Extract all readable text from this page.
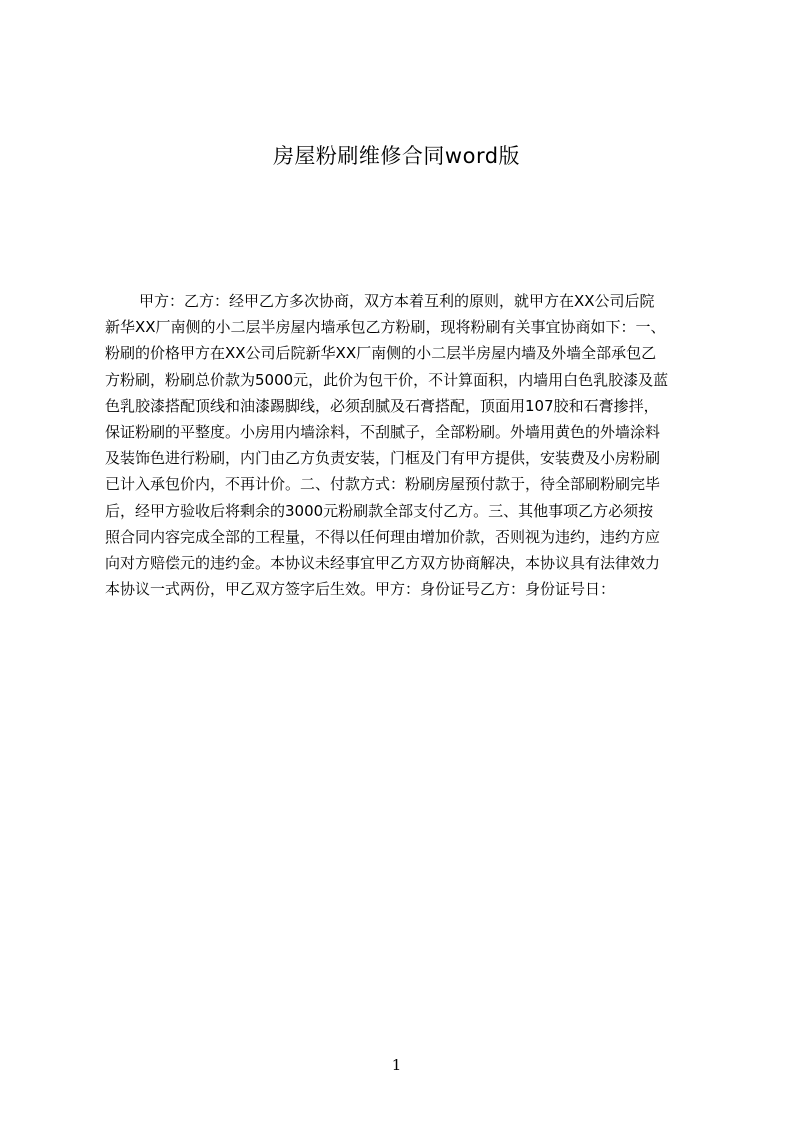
房屋粉刷维修合同word版
甲方：乙方：经甲乙方多次协商，双方本着互利的原则，就甲方在XX公司后院
新华XX厂南侧的小二层半房屋内墙承包乙方粉刷，现将粉刷有关事宜协商如下：一、
粉刷的价格甲方在XX公司后院新华XX厂南侧的小二层半房屋内墙及外墙全部承包乙
方粉刷，粉刷总价款为5000元，此价为包干价，不计算面积，内墙用白色乳胶漆及蓝
色乳胶漆搭配顶线和油漆踢脚线，必须刮腻及石膏搭配，顶面用107胶和石膏掺拌，
保证粉刷的平整度。小房用内墙涂料，不刮腻子，全部粉刷。外墙用黄色的外墙涂料
及装饰色进行粉刷，内门由乙方负责安装，门框及门有甲方提供，安装费及小房粉刷
已计入承包价内，不再计价。二、付款方式：粉刷房屋预付款于，待全部刷粉刷完毕
后，经甲方验收后将剩余的3000元粉刷款全部支付乙方。三、其他事项乙方必须按
照合同内容完成全部的工程量，不得以任何理由增加价款，否则视为违约，违约方应
向对方赔偿元的违约金。本协议未经事宜甲乙方双方协商解决，本协议具有法律效力
本协议一式两份，甲乙双方签字后生效。甲方：身份证号乙方：身份证号日：
1
